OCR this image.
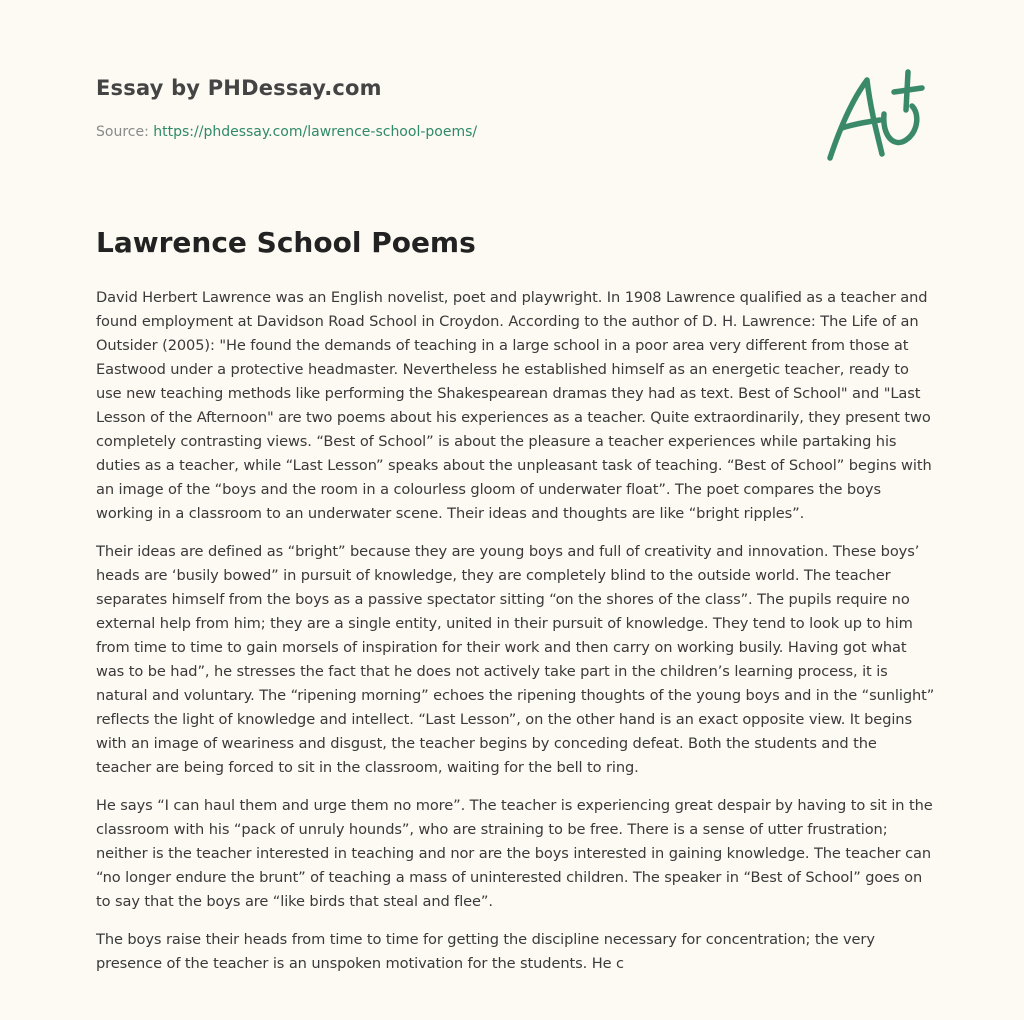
Essay by PHDessay.com

Source: https://phdessay.com/lawrence-school-poems/

Lawrence School Poems

David Herbert Lawrence was an English novelist, poet and playwright. In 1908 Lawrence qualified as a teacher and found employment at Davidson Road School in Croydon. According to the author of D. H. Lawrence: The Life of an Outsider (2005): "He found the demands of teaching in a large school in a poor area very different from those at Eastwood under a protective headmaster. Nevertheless he established himself as an energetic teacher, ready to use new teaching methods like performing the Shakespearean dramas they had as text. Best of School" and "Last Lesson of the Afternoon" are two poems about his experiences as a teacher. Quite extraordinarily, they present two completely contrasting views. “Best of School” is about the pleasure a teacher experiences while partaking his duties as a teacher, while “Last Lesson” speaks about the unpleasant task of teaching. “Best of School” begins with an image of the “boys and the room in a colourless gloom of underwater float”. The poet compares the boys working in a classroom to an underwater scene. Their ideas and thoughts are like “bright ripples”.

Their ideas are defined as “bright” because they are young boys and full of creativity and innovation. These boys’ heads are ‘busily bowed” in pursuit of knowledge, they are completely blind to the outside world. The teacher separates himself from the boys as a passive spectator sitting “on the shores of the class”. The pupils require no external help from him; they are a single entity, united in their pursuit of knowledge. They tend to look up to him from time to time to gain morsels of inspiration for their work and then carry on working busily. Having got what was to be had”, he stresses the fact that he does not actively take part in the children’s learning process, it is natural and voluntary. The “ripening morning” echoes the ripening thoughts of the young boys and in the “sunlight” reflects the light of knowledge and intellect. “Last Lesson”, on the other hand is an exact opposite view. It begins with an image of weariness and disgust, the teacher begins by conceding defeat. Both the students and the teacher are being forced to sit in the classroom, waiting for the bell to ring.

He says “I can haul them and urge them no more”. The teacher is experiencing great despair by having to sit in the classroom with his “pack of unruly hounds”, who are straining to be free. There is a sense of utter frustration; neither is the teacher interested in teaching and nor are the boys interested in gaining knowledge. The teacher can “no longer endure the brunt” of teaching a mass of uninterested children. The speaker in “Best of School” goes on to say that the boys are “like birds that steal and flee”.

The boys raise their heads from time to time for getting the discipline necessary for concentration; the very presence of the teacher is an unspoken motivation for the students. He c
